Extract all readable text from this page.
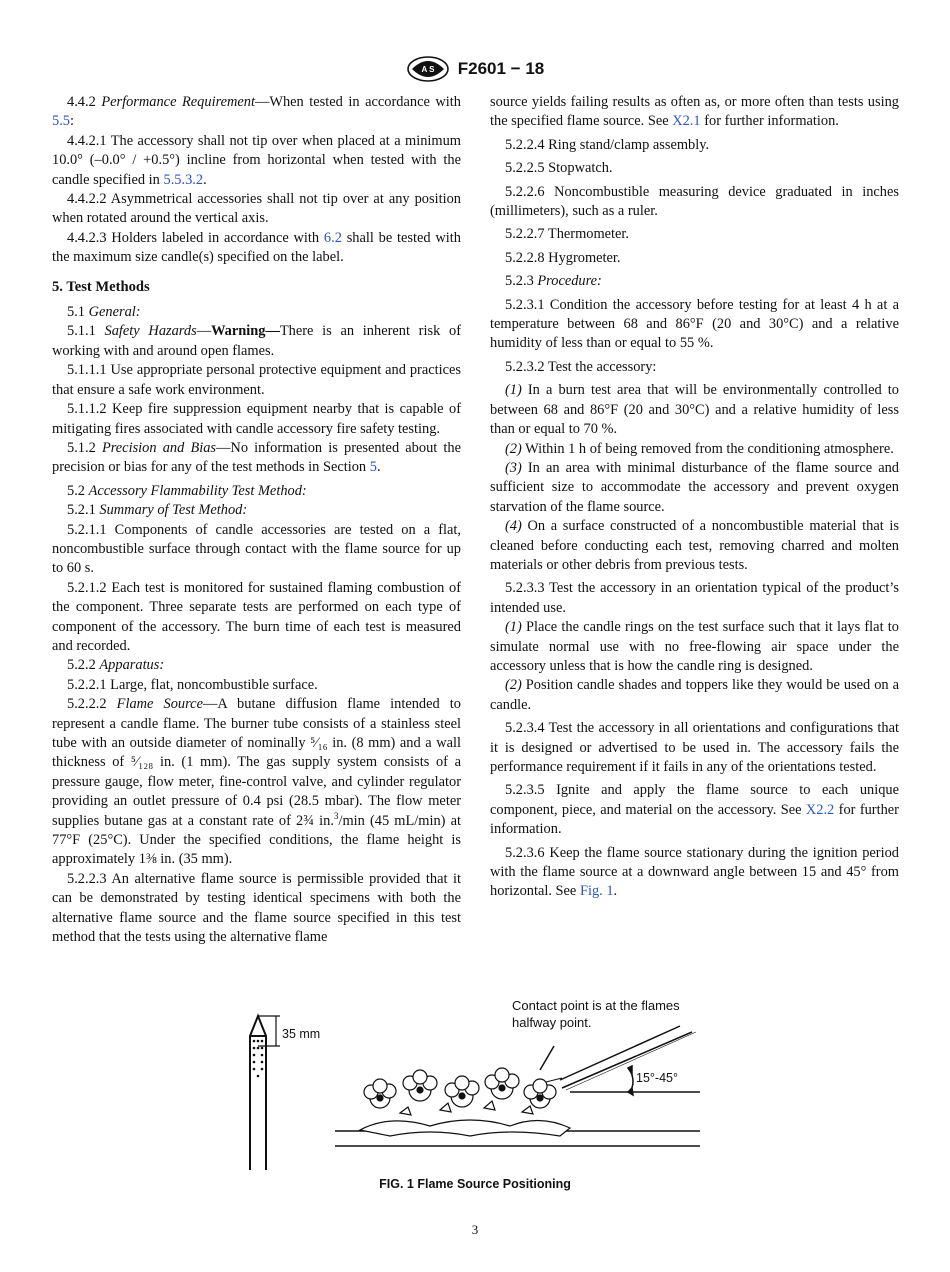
A S F2601 − 18

4.4.2 Performance Requirement—When tested in accordance with 5.5:

4.4.2.1 The accessory shall not tip over when placed at a minimum 10.0° (–0.0° / +0.5°) incline from horizontal when tested with the candle specified in 5.5.3.2.

4.4.2.2 Asymmetrical accessories shall not tip over at any position when rotated around the vertical axis.

4.4.2.3 Holders labeled in accordance with 6.2 shall be tested with the maximum size candle(s) specified on the label.

5. Test Methods

5.1 General:

5.1.1 Safety Hazards—Warning—There is an inherent risk of working with and around open flames.

5.1.1.1 Use appropriate personal protective equipment and practices that ensure a safe work environment.

5.1.1.2 Keep fire suppression equipment nearby that is capable of mitigating fires associated with candle accessory fire safety testing.

5.1.2 Precision and Bias—No information is presented about the precision or bias for any of the test methods in Section 5.

5.2 Accessory Flammability Test Method:

5.2.1 Summary of Test Method:

5.2.1.1 Components of candle accessories are tested on a flat, noncombustible surface through contact with the flame source for up to 60 s.

5.2.1.2 Each test is monitored for sustained flaming combustion of the component. Three separate tests are performed on each type of component of the accessory. The burn time of each test is measured and recorded.

5.2.2 Apparatus:

5.2.2.1 Large, flat, noncombustible surface.

5.2.2.2 Flame Source—A butane diffusion flame intended to represent a candle flame. The burner tube consists of a stainless steel tube with an outside diameter of nominally ⁵⁄₁₆ in. (8 mm) and a wall thickness of ⁵⁄₁₂₈ in. (1 mm). The gas supply system consists of a pressure gauge, flow meter, fine-control valve, and cylinder regulator providing an outlet pressure of 0.4 psi (28.5 mbar). The flow meter supplies butane gas at a constant rate of 2¾ in.$^3$/min (45 mL/min) at 77°F (25°C). Under the specified conditions, the flame height is approximately 1⅜ in. (35 mm).

5.2.2.3 An alternative flame source is permissible provided that it can be demonstrated by testing identical specimens with both the alternative flame source and the flame source specified in this test method that the tests using the alternative flame

source yields failing results as often as, or more often than tests using the specified flame source. See X2.1 for further information.

5.2.2.4 Ring stand/clamp assembly.

5.2.2.5 Stopwatch.

5.2.2.6 Noncombustible measuring device graduated in inches (millimeters), such as a ruler.

5.2.2.7 Thermometer.

5.2.2.8 Hygrometer.

5.2.3 Procedure:

5.2.3.1 Condition the accessory before testing for at least 4 h at a temperature between 68 and 86°F (20 and 30°C) and a relative humidity of less than or equal to 55 %.

5.2.3.2 Test the accessory:

(1) In a burn test area that will be environmentally controlled to between 68 and 86°F (20 and 30°C) and a relative humidity of less than or equal to 70 %.

(2) Within 1 h of being removed from the conditioning atmosphere.

(3) In an area with minimal disturbance of the flame source and sufficient size to accommodate the accessory and prevent oxygen starvation of the flame source.

(4) On a surface constructed of a noncombustible material that is cleaned before conducting each test, removing charred and molten materials or other debris from previous tests.

5.2.3.3 Test the accessory in an orientation typical of the product’s intended use.

(1) Place the candle rings on the test surface such that it lays flat to simulate normal use with no free-flowing air space under the accessory unless that is how the candle ring is designed.

(2) Position candle shades and toppers like they would be used on a candle.

5.2.3.4 Test the accessory in all orientations and configurations that it is designed or advertised to be used in. The accessory fails the performance requirement if it fails in any of the orientations tested.

5.2.3.5 Ignite and apply the flame source to each unique component, piece, and material on the accessory. See X2.2 for further information.

5.2.3.6 Keep the flame source stationary during the ignition period with the flame source at a downward angle between 15 and 45° from horizontal. See Fig. 1.

35 mm
Contact point is at the flames
halfway point.
15°-45°
FIG. 1 Flame Source Positioning
3
